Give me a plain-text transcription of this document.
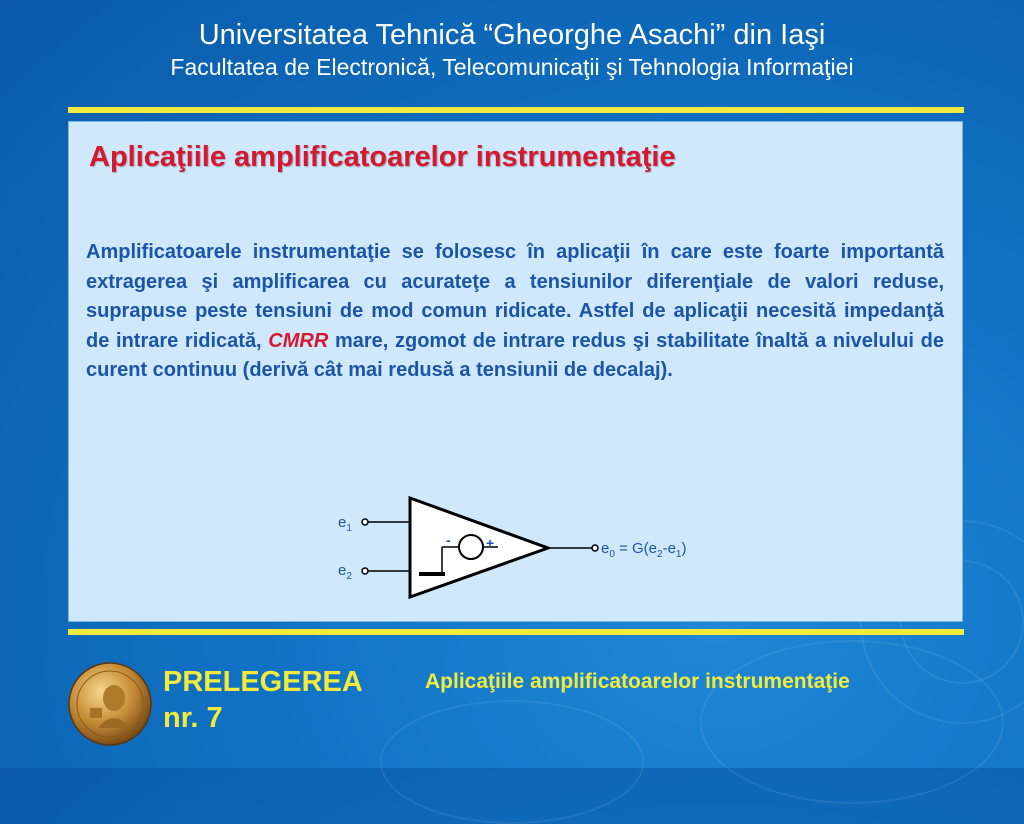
Universitatea Tehnică “Gheorghe Asachi” din Iaşi
Facultatea de Electronică, Telecomunicaţii şi Tehnologia Informaţiei
Aplicaţiile amplificatoarelor instrumentaţie
Amplificatoarele instrumentaţie se folosesc în aplicaţii în care este foarte importantă extragerea şi amplificarea cu acurateţe a tensiunilor diferenţiale de valori reduse, suprapuse peste tensiuni de mod comun ridicate. Astfel de aplicaţii necesită impedanţă de intrare ridicată, CMRR mare, zgomot de intrare redus şi stabilitate înaltă a nivelului de curent continuu (derivă cât mai redusă a tensiunii de decalaj).
-	+
$e_1$
$e_2$
$e_0 = G(e_2-e_1)$
PRELEGEREA
nr. 7
Aplicaţiile amplificatoarelor instrumentaţie
